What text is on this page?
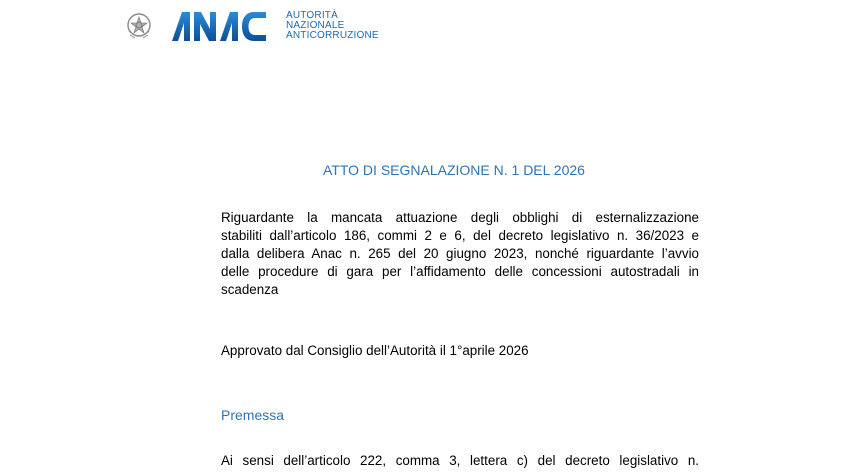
AUTORITÀ
NAZIONALE
ANTICORRUZIONE
ATTO DI SEGNALAZIONE N. 1 DEL 2026

Riguardante la mancata attuazione degli obblighi di esternalizzazione
stabiliti dall’articolo 186, commi 2 e 6, del decreto legislativo n. 36/2023 e
dalla delibera Anac n. 265 del 20 giugno 2023, nonché riguardante l’avvio
delle procedure di gara per l’affidamento delle concessioni autostradali in
scadenza

Approvato dal Consiglio dell’Autorità il 1°aprile 2026

Premessa

Ai sensi dell’articolo 222, comma 3, lettera c) del decreto legislativo n.
